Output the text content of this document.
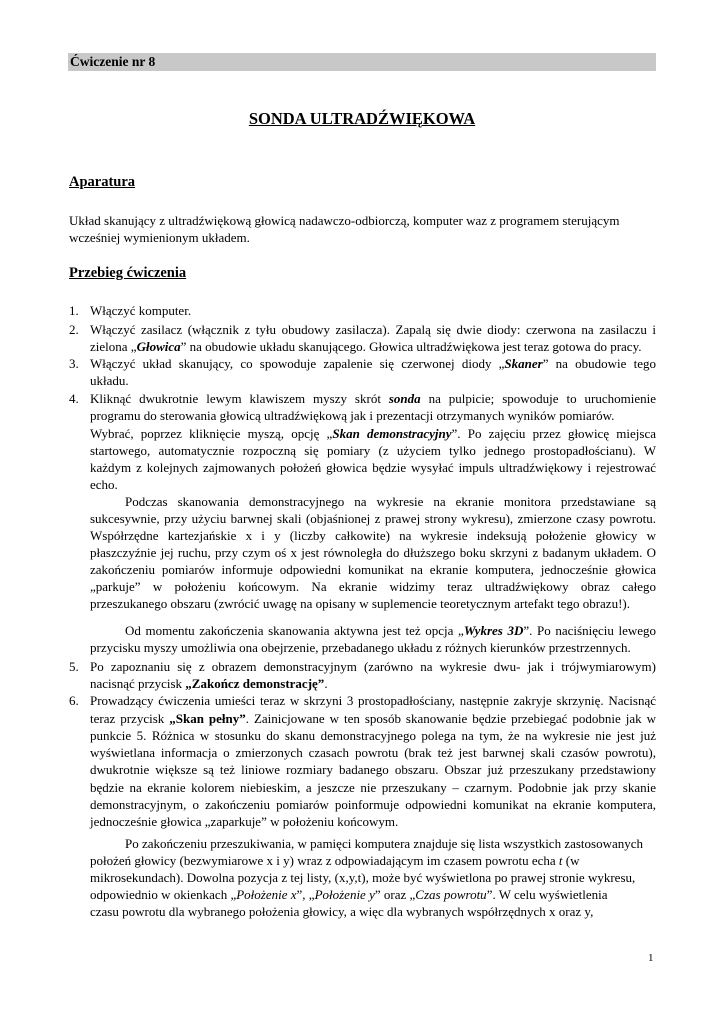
Ćwiczenie nr 8
SONDA ULTRADŹWIĘKOWA
Aparatura
Układ skanujący z ultradźwiękową głowicą nadawczo-odbiorczą, komputer waz z programem sterującym
wcześniej wymienionym układem.
Przebieg ćwiczenia
1.
2.
3.
4.
5.
6.
Włączyć komputer.
Włączyć zasilacz (włącznik z tyłu obudowy zasilacza). Zapalą się dwie diody: czerwona na zasilaczu i
zielona „Głowica” na obudowie układu skanującego. Głowica ultradźwiękowa jest teraz gotowa do pracy.
Włączyć układ skanujący, co spowoduje zapalenie się czerwonej diody „Skaner” na obudowie tego
układu.
Kliknąć dwukrotnie lewym klawiszem myszy skrót sonda na pulpicie; spowoduje to uruchomienie
programu do sterowania głowicą ultradźwiękową jak i prezentacji otrzymanych wyników pomiarów.
Wybrać, poprzez kliknięcie myszą, opcję „Skan demonstracyjny”. Po zajęciu przez głowicę miejsca
startowego, automatycznie rozpoczną się pomiary (z użyciem tylko jednego prostopadłościanu). W
każdym z kolejnych zajmowanych położeń głowica będzie wysyłać impuls ultradźwiękowy i rejestrować
echo.
Podczas skanowania demonstracyjnego na wykresie na ekranie monitora przedstawiane są
sukcesywnie, przy użyciu barwnej skali (objaśnionej z prawej strony wykresu), zmierzone czasy powrotu.
Współrzędne kartezjańskie x i y (liczby całkowite) na wykresie indeksują położenie głowicy w
płaszczyźnie jej ruchu, przy czym oś x jest równoległa do dłuższego boku skrzyni z badanym układem. O
zakończeniu pomiarów informuje odpowiedni komunikat na ekranie komputera, jednocześnie głowica
„parkuje” w położeniu końcowym. Na ekranie widzimy teraz ultradźwiękowy obraz całego
przeszukanego obszaru (zwrócić uwagę na opisany w suplemencie teoretycznym artefakt tego obrazu!).
Od momentu zakończenia skanowania aktywna jest też opcja „Wykres 3D”. Po naciśnięciu lewego
przycisku myszy umożliwia ona obejrzenie, przebadanego układu z różnych kierunków przestrzennych.
Po zapoznaniu się z obrazem demonstracyjnym (zarówno na wykresie dwu- jak i trójwymiarowym)
nacisnąć przycisk „Zakończ demonstrację”.
Prowadzący ćwiczenia umieści teraz w skrzyni 3 prostopadłościany, następnie zakryje skrzynię. Nacisnąć
teraz przycisk „Skan pełny”. Zainicjowane w ten sposób skanowanie będzie przebiegać podobnie jak w
punkcie 5. Różnica w stosunku do skanu demonstracyjnego polega na tym, że na wykresie nie jest już
wyświetlana informacja o zmierzonych czasach powrotu (brak też jest barwnej skali czasów powrotu),
dwukrotnie większe są też liniowe rozmiary badanego obszaru. Obszar już przeszukany przedstawiony
będzie na ekranie kolorem niebieskim, a jeszcze nie przeszukany – czarnym. Podobnie jak przy skanie
demonstracyjnym, o zakończeniu pomiarów poinformuje odpowiedni komunikat na ekranie komputera,
jednocześnie głowica „zaparkuje” w położeniu końcowym.
Po zakończeniu przeszukiwania, w pamięci komputera znajduje się lista wszystkich zastosowanych
położeń głowicy (bezwymiarowe x i y) wraz z odpowiadającym im czasem powrotu echa t (w
mikrosekundach). Dowolna pozycja z tej listy, (x,y,t), może być wyświetlona po prawej stronie wykresu,
odpowiednio w okienkach „Położenie x”, „Położenie y” oraz „Czas powrotu”. W celu wyświetlenia
czasu powrotu dla wybranego położenia głowicy, a więc dla wybranych współrzędnych x oraz y,
1
